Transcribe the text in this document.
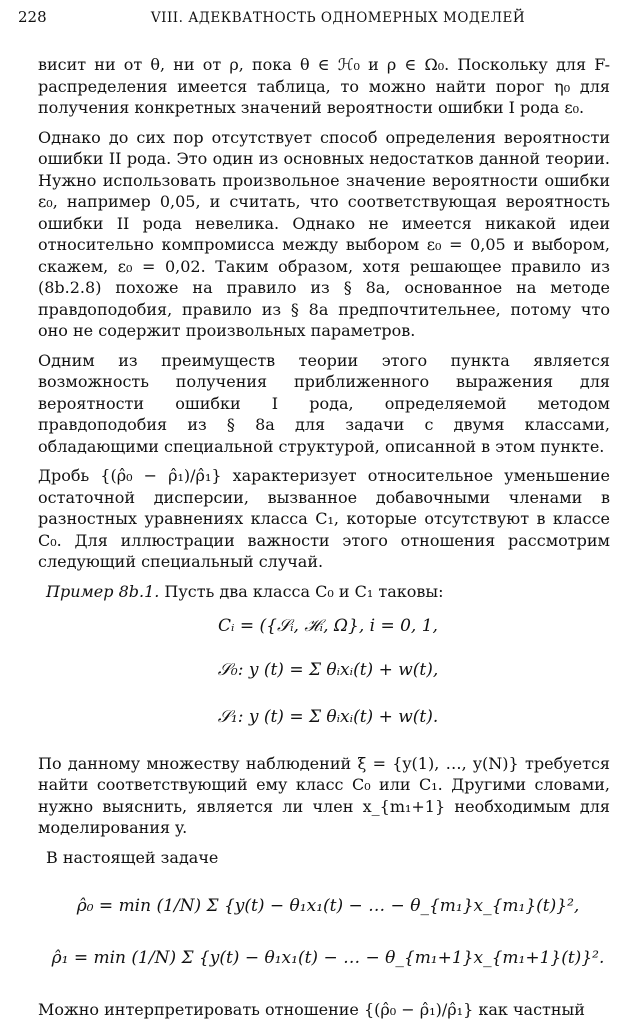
228	VIII. АДЕКВАТНОСТЬ ОДНОМЕРНЫХ МОДЕЛЕЙ
висит ни от θ, ни от ρ, пока θ ∈ ℋ₀ и ρ ∈ Ω₀. Поскольку для F-распределения имеется таблица, то можно найти порог η₀ для получения конкретных значений вероятности ошибки I рода ε₀.
Однако до сих пор отсутствует способ определения вероятности ошибки II рода. Это один из основных недостатков данной теории. Нужно использовать произвольное значение вероятности ошибки ε₀, например 0,05, и считать, что соответствующая вероятность ошибки II рода невелика. Однако не имеется никакой идеи относительно компромисса между выбором ε₀ = 0,05 и выбором, скажем, ε₀ = 0,02. Таким образом, хотя решающее правило из (8b.2.8) похоже на правило из § 8a, основанное на методе правдоподобия, правило из § 8a предпочтительнее, потому что оно не содержит произвольных параметров.
Одним из преимуществ теории этого пункта является возможность получения приближенного выражения для вероятности ошибки I рода, определяемой методом правдоподобия из § 8a для задачи с двумя классами, обладающими специальной структурой, описанной в этом пункте.
Дробь {(ρ̂₀ − ρ̂₁)/ρ̂₁} характеризует относительное уменьшение остаточной дисперсии, вызванное добавочными членами в разностных уравнениях класса C₁, которые отсутствуют в классе C₀. Для иллюстрации важности этого отношения рассмотрим следующий специальный случай.
Пример 8b.1. Пусть два класса C₀ и C₁ таковы:
Cᵢ = ({𝒮ᵢ, ℋᵢ, Ω}, i = 0, 1,
𝒮₀: y (t) = Σ θᵢxᵢ(t) + w(t),
𝒮₁: y (t) = Σ θᵢxᵢ(t) + w(t).
По данному множеству наблюдений ξ = {y(1), …, y(N)} требуется найти соответствующий ему класс C₀ или C₁. Другими словами, нужно выяснить, является ли член x_{m₁+1} необходимым для моделирования y.
В настоящей задаче
ρ̂₀ = min (1/N) Σ {y(t) − θ₁x₁(t) − … − θ_{m₁}x_{m₁}(t)}²,
ρ̂₁ = min (1/N) Σ {y(t) − θ₁x₁(t) − … − θ_{m₁+1}x_{m₁+1}(t)}².
Можно интерпретировать отношение {(ρ̂₀ − ρ̂₁)/ρ̂₁} как частный
